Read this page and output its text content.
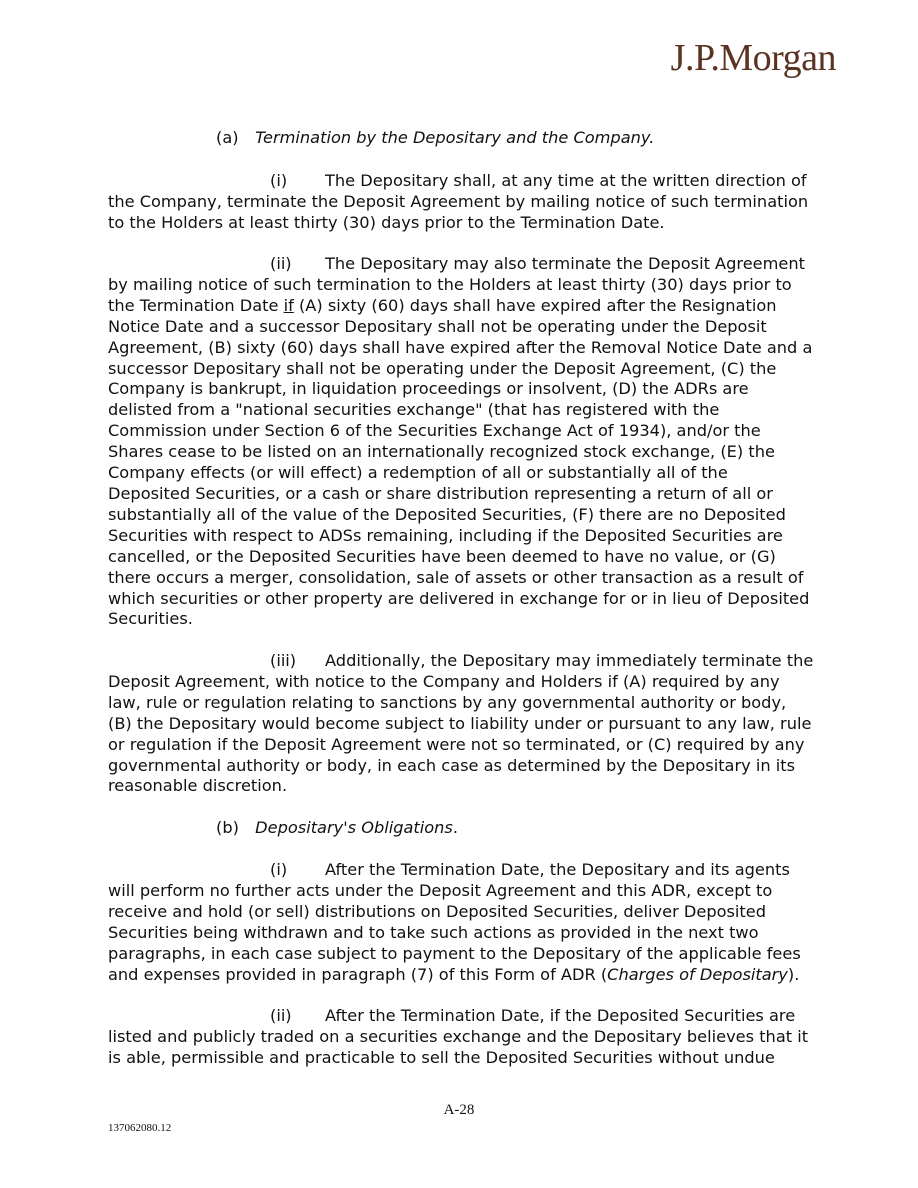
J.P.Morgan
(a) Termination by the Depositary and the Company.

(i) The Depositary shall, at any time at the written direction of the Company, terminate the Deposit Agreement by mailing notice of such termination to the Holders at least thirty (30) days prior to the Termination Date.

(ii) The Depositary may also terminate the Deposit Agreement by mailing notice of such termination to the Holders at least thirty (30) days prior to the Termination Date if (A) sixty (60) days shall have expired after the Resignation Notice Date and a successor Depositary shall not be operating under the Deposit Agreement, (B) sixty (60) days shall have expired after the Removal Notice Date and a successor Depositary shall not be operating under the Deposit Agreement, (C) the Company is bankrupt, in liquidation proceedings or insolvent, (D) the ADRs are delisted from a "national securities exchange" (that has registered with the Commission under Section 6 of the Securities Exchange Act of 1934), and/or the Shares cease to be listed on an internationally recognized stock exchange, (E) the Company effects (or will effect) a redemption of all or substantially all of the Deposited Securities, or a cash or share distribution representing a return of all or substantially all of the value of the Deposited Securities, (F) there are no Deposited Securities with respect to ADSs remaining, including if the Deposited Securities are cancelled, or the Deposited Securities have been deemed to have no value, or (G) there occurs a merger, consolidation, sale of assets or other transaction as a result of which securities or other property are delivered in exchange for or in lieu of Deposited Securities.

(iii) Additionally, the Depositary may immediately terminate the Deposit Agreement, with notice to the Company and Holders if (A) required by any law, rule or regulation relating to sanctions by any governmental authority or body, (B) the Depositary would become subject to liability under or pursuant to any law, rule or regulation if the Deposit Agreement were not so terminated, or (C) required by any governmental authority or body, in each case as determined by the Depositary in its reasonable discretion.

(b) Depositary's Obligations.

(i) After the Termination Date, the Depositary and its agents will perform no further acts under the Deposit Agreement and this ADR, except to receive and hold (or sell) distributions on Deposited Securities, deliver Deposited Securities being withdrawn and to take such actions as provided in the next two paragraphs, in each case subject to payment to the Depositary of the applicable fees and expenses provided in paragraph (7) of this Form of ADR (Charges of Depositary).

(ii) After the Termination Date, if the Deposited Securities are listed and publicly traded on a securities exchange and the Depositary believes that it is able, permissible and practicable to sell the Deposited Securities without undue

A-28
137062080.12
